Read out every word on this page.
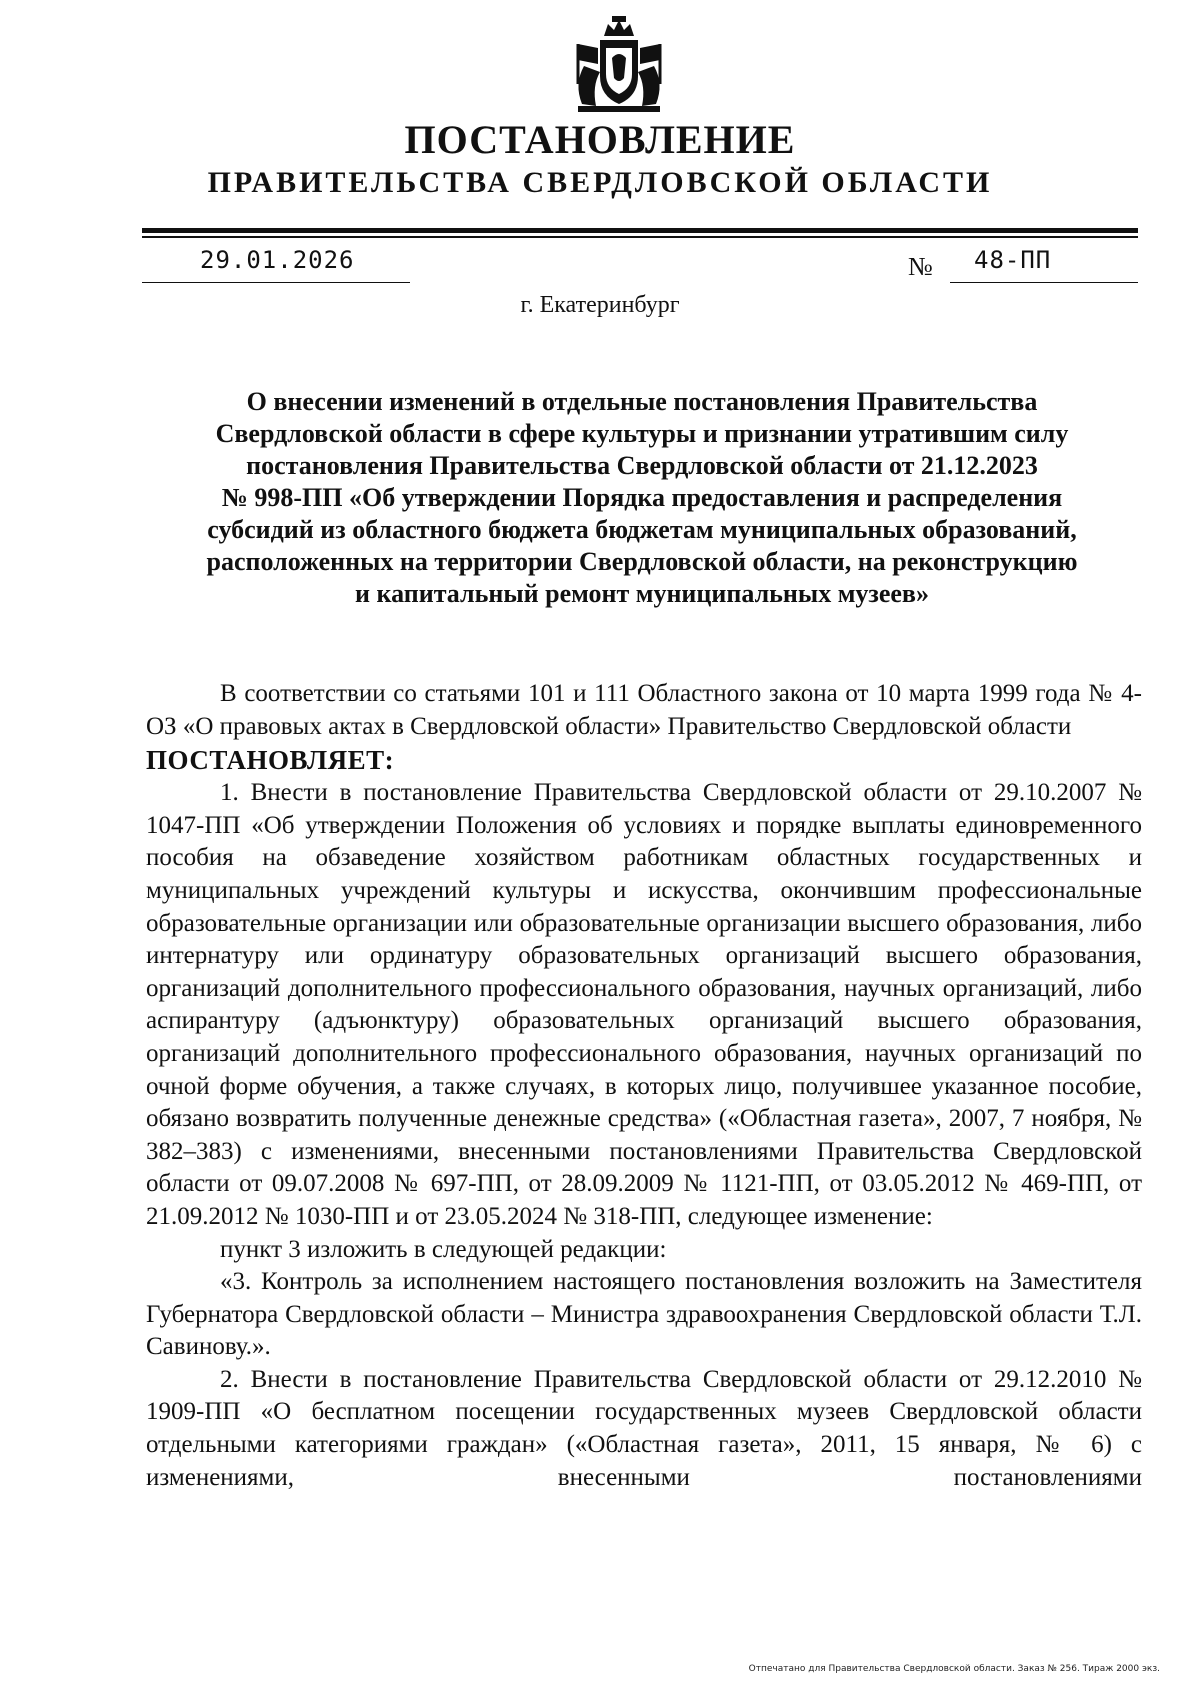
ПОСТАНОВЛЕНИЕ
ПРАВИТЕЛЬСТВА СВЕРДЛОВСКОЙ ОБЛАСТИ
29.01.2026	№ 48-ПП
г. Екатеринбург
О внесении изменений в отдельные постановления Правительства
Свердловской области в сфере культуры и признании утратившим силу
постановления Правительства Свердловской области от 21.12.2023
№ 998-ПП «Об утверждении Порядка предоставления и распределения
субсидий из областного бюджета бюджетам муниципальных образований,
расположенных на территории Свердловской области, на реконструкцию
и капитальный ремонт муниципальных музеев»

В соответствии со статьями 101 и 111 Областного закона от 10 марта 1999 года № 4-ОЗ «О правовых актах в Свердловской области» Правительство Свердловской области

ПОСТАНОВЛЯЕТ:

1. Внести в постановление Правительства Свердловской области от 29.10.2007 № 1047-ПП «Об утверждении Положения об условиях и порядке выплаты единовременного пособия на обзаведение хозяйством работникам областных государственных и муниципальных учреждений культуры и искусства, окончившим профессиональные образовательные организации или образовательные организации высшего образования, либо интернатуру или ординатуру образовательных организаций высшего образования, организаций дополнительного профессионального образования, научных организаций, либо аспирантуру (адъюнктуру) образовательных организаций высшего образования, организаций дополнительного профессионального образования, научных организаций по очной форме обучения, а также случаях, в которых лицо, получившее указанное пособие, обязано возвратить полученные денежные средства» («Областная газета», 2007, 7 ноября, № 382–383) с изменениями, внесенными постановлениями Правительства Свердловской области от 09.07.2008 № 697-ПП, от 28.09.2009 № 1121-ПП, от 03.05.2012 № 469-ПП, от 21.09.2012 № 1030-ПП и от 23.05.2024 № 318-ПП, следующее изменение:

пункт 3 изложить в следующей редакции:

«3. Контроль за исполнением настоящего постановления возложить на Заместителя Губернатора Свердловской области – Министра здравоохранения Свердловской области Т.Л. Савинову.».

2. Внести в постановление Правительства Свердловской области от 29.12.2010 № 1909-ПП «О бесплатном посещении государственных музеев Свердловской области отдельными категориями граждан» («Областная газета», 2011, 15 января, № 6) с изменениями, внесенными постановлениями

Отпечатано для Правительства Свердловской области. Заказ № 256. Тираж 2000 экз.
